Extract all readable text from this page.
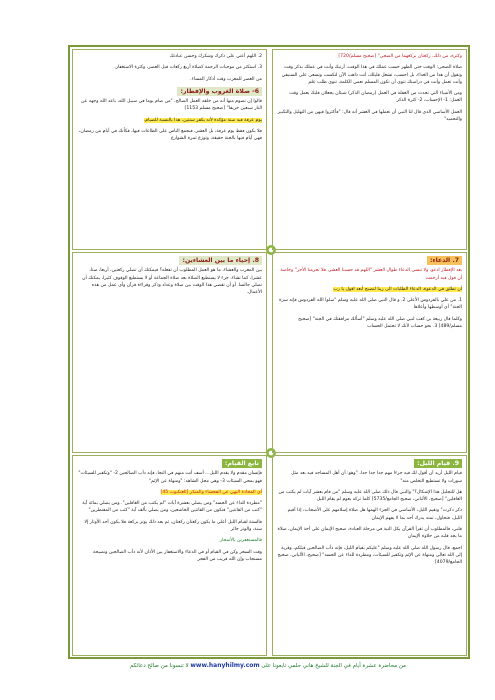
وكثرة، من ذلك، ركعتان يركعهما من الضحى" [صحيح مسلم/720]

صلاة الضحى: الوقت حتى الظهر حسب عملك في هذا الوقت، أرتبك وأنت في عملك بذكر وقت وتقول أن هذا من الغداء، بل احسب، تشغل قليلك، أنت ذاهب الآن لتكسب وتسعى على السنيفي وأنت تعمل وأنت في دراستك تنوي أن تكون المسلم نعمي الكلمة، تنوي طلب علم

ومن الأشياء التي تحدث من الغفلة في العمل (رمضان الذكر) شيئان يجعلان قلبك يعمل وقت العمل: 1- الإحساب، 2- كثرة الذكر

العمل الأساسي الذي قال لنا النبي أن نعملها في العشر أنه قال: "فأكثروا فيهن من التهليل والتكبير والتحميد"

2. اللهم أعني على ذكرك وشكرك وحسن عبادتك

3. استكثر من موجبات الرحمة كصلاة أربع ركعات قبل العصر، وكثرة الاستغفار.

من العصر للمغرب وقت أذكار المساء.

6- صلاة الغروب والإفطار:

قالوا إن تصوم منها أنه من خلقه العمل الصالح، "من صام يوما في سبيل الله، باعد الله وجهه عن النار سبعين خريفا" [صحيح مسلم 1153]

يوم عرفة فيه سنة مؤكدة لأنه يكفر سنتين، هذا بالنسبة للصيام.

فلا يكون فقط يوم عرفة، بل العشر، فيجمع الناس على الطاعات فيها، فكأنك في أيام من رمضان، فهي أيام فيها بالجنة حقيقة، وتوزع ثمرة الشوارع

7. الدعاء:

بعد الإفطار ادعو، ولا تنسى الدعاء طوال العشر "اللهم قد حسبنا العشر، فلا تحرمنا الأجر" وخاصة أن قول فيه أرحمت

أن تطلق في الدعوة، الدعاء الطلبات الى ربنا لتصبح أبعد اقول يا رب

1. من علي بالفردوس الأعلى 2. و قال النبي صلى الله عليه وسلم "سلوا الله الفردوس فإنه سرة الجنة" أي أوسطها وأعلاها

وكلما قال ربيعة بن كعب لنبي صلى الله عليه وسلم "أسألك مرافقتك في الجنة" [صحيح مسلم/489] 3. بحو حساب لأنك لا تحتمل الحساب

8. إحياء ما بين العشاءين:

بين المغرب والعشاء، ما هو العمل المطلوب أن تفعله؟ فيمكنك أن تصلي ركعتين، أربعا، ستا، عشرا، كما تشاء، جزء لا يستطيع الصلاة بعد صلاة الجماعة أو لا يستطيع الوقوف كثيرا، يمكنك أن تصلي جالسا. أو أن تقضي هذا الوقت بين صلاة وعداد وذكر وقراءة قرآن وأي عمل من هذه الأعمال.

9. قيام الليل:

قيام الليل أريد أن أقول لك فيه جزءا مهم جدا جدا جدا، "وهو: أن أهل المساجد فيه بعد مثل سورات ولا تستطيع التخلص منه"

هل للتجليل هذا الإشكال؟" والنبي قال ذلك صلى الله عليه وسلم "من قام بعشر آيات لم يكتب من الغافلين" [صحيح، الألباني، صحيح الجامع/5735] كلما تركه يعوم لم يقام الليل

ذكر دكرت" وتقيم الليل، الأساسي في الجزء الهمها هل صلاة إسلامهم على الأصحاب، إذا أقيم الليل، فتحاول، تمتد يدرك أحد بما لا يفهم الإيمان

قلبي، فالمطلوب أن تقرأ القرآن بكل النية في مرحلة العبادة، صحيح الإيمان على أخذ الإيمان، صلاة ما يجد قلبه من حلاوة الإيمان

اجمع، قال رسول الله صلى الله عليه وسلم "عليكم بقيام الليل، فإنه دأب الصالحين قبلكم، وقربة إلى الله تعالى ومنهاة عن الإثم وتكفير للسيئات، ومطردة للداء عن الجسد" [صحيح، الألباني، صحيح الجامع/4079]

تابع القيام:

فإنسان مقدم ولا يقدم الليل... أسف أنت منهم في النجا، فإنه دأب الصالحين 2- "وتكفير للسيئات" فهو يمحي السيئات 3- وهي محل الشاهد: "ومنهاة عن الإثم"

أي المحاذة النهي عن الفحشاء والمنكر [العنكبوت 45]

"مطردة للداء عن الجسد" ومن يصلي بعشرة آيات "لم يكتب من الغافلين". ومن يصلي بمائة آية "كتب من القانتين" فتكون من القانتين الخاشعين، ومن يصلي بألف آية "كتب من المقنطرين"

فالسنة لقيام الليل أعلى ما يكون ركعتان ركعتان، ثم بعد ذلك يوتر بركعة فلا يكون أحد الأوتار إلا سنة، والوتر جائز

فالمستغفرين بالأسحار

وقت السحر وكن في القيام أو في الدعاء والاستغفار بين الأذان لأنه دأب الصالحين ونصيحة مستجاب وإن الله قريب من الفجر

من محاضرة عشرة أيام في الجنة للشيخ هاني حلمي تابعونا على www.hanyhilmy.com لا تنسونا من صالح دعائكم
